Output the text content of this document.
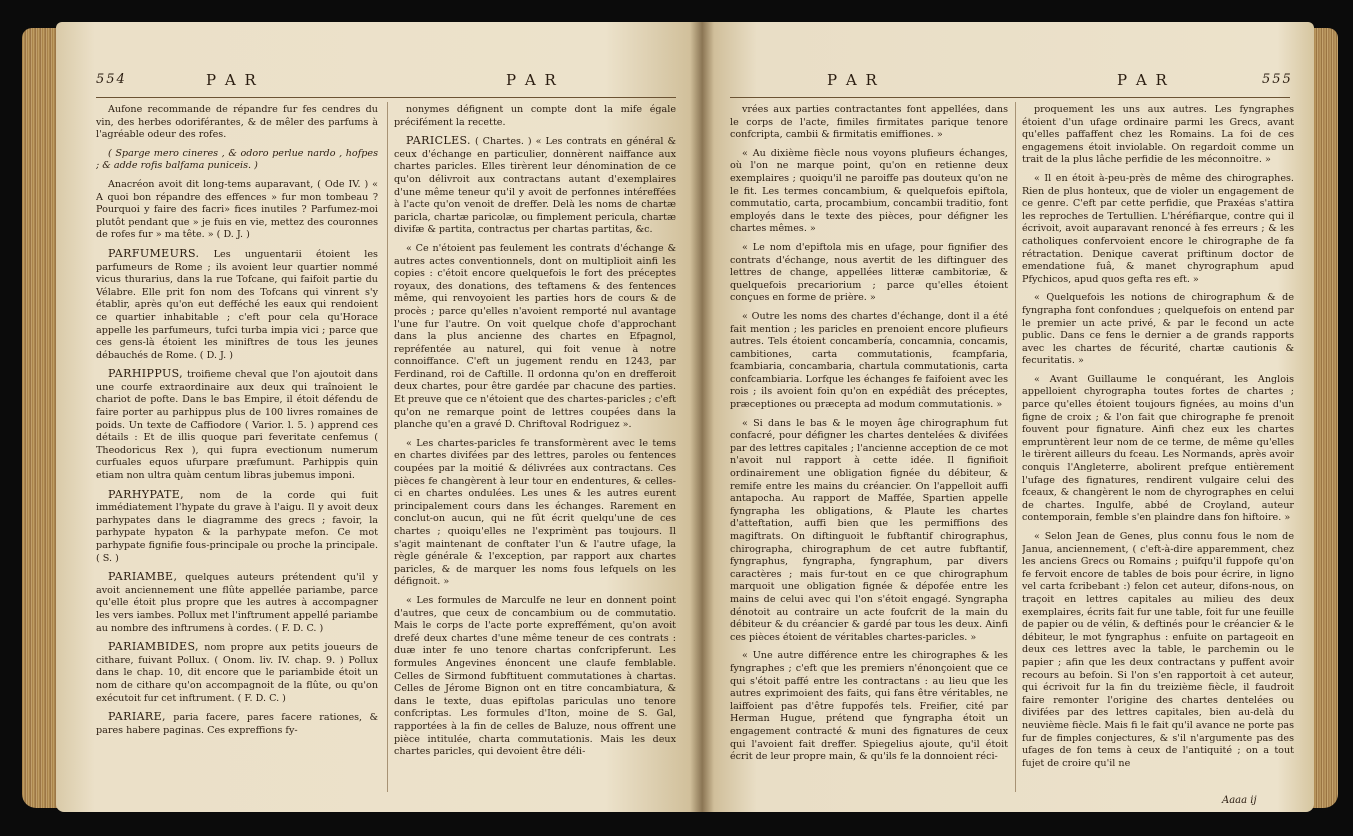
554	P A R	P A R

Aufone recommande de répandre fur fes cendres du vin, des herbes odoriférantes, & de mêler des parfums à l'agréable odeur des rofes.

( Sparge mero cineres , & odoro perlue nardo , hofpes ; & adde rofis balfama puniceis. )

Anacréon avoit dit long-tems auparavant, ( Ode IV. ) « A quoi bon répandre des effences » fur mon tombeau ? Pourquoi y faire des facri» fices inutiles ? Parfumez-moi plutôt pendant que » je fuis en vie, mettez des couronnes de rofes fur » ma tête. » ( D. J. )

PARFUMEURS. Les unguentarii étoient les parfumeurs de Rome ; ils avoient leur quartier nommé vicus thurarius, dans la rue Tofcane, qui faifoit partie du Vélabre. Elle prit fon nom des Tofcans qui vinrent s'y établir, après qu'on eut defféché les eaux qui rendoient ce quartier inhabitable ; c'eft pour cela qu'Horace appelle les parfumeurs, tufci turba impia vici ; parce que ces gens-là étoient les miniftres de tous les jeunes débauchés de Rome. ( D. J. )

PARHIPPUS, troifieme cheval que l'on ajoutoit dans une courfe extraordinaire aux deux qui traînoient le chariot de pofte. Dans le bas Empire, il étoit défendu de faire porter au parhippus plus de 100 livres romaines de poids. Un texte de Caffiodore ( Varior. l. 5. ) apprend ces détails : Et de illis quoque pari feveritate cenfemus ( Theodoricus Rex ), qui fupra evectionum numerum curfuales equos ufurpare præfumunt. Parhippis quin etiam non ultra quàm centum libras jubemus imponi.

PARHYPATE, nom de la corde qui fuit immédiatement l'hypate du grave à l'aigu. Il y avoit deux parhypates dans le diagramme des grecs ; favoir, la parhypate hypaton & la parhypate mefon. Ce mot parhypate fignifie fous-principale ou proche la principale. ( S. )

PARIAMBE, quelques auteurs prétendent qu'il y avoit anciennement une flûte appellée pariambe, parce qu'elle étoit plus propre que les autres à accompagner les vers iambes. Pollux met l'inftrument appellé pariambe au nombre des inftrumens à cordes. ( F. D. C. )

PARIAMBIDES, nom propre aux petits joueurs de cithare, fuivant Pollux. ( Onom. liv. IV. chap. 9. ) Pollux dans le chap. 10, dit encore que le pariambide étoit un nom de cithare qu'on accompagnoit de la flûte, ou qu'on exécutoit fur cet inftrument. ( F. D. C. )

PARIARE, paria facere, pares facere rationes, & pares habere paginas. Ces expreffions fy-

nonymes défignent un compte dont la mife égale précifément la recette.

PARICLES. ( Chartes. ) « Les contrats en général & ceux d'échange en particulier, donnèrent naiffance aux chartes paricles. Elles tirèrent leur dénomination de ce qu'on délivroit aux contractans autant d'exemplaires d'une même teneur qu'il y avoit de perfonnes intéreffées à l'acte qu'on venoit de dreffer. Delà les noms de chartæ paricla, chartæ paricolæ, ou fimplement pericula, chartæ divifæ & partita, contractus per chartas partitas, &c.

« Ce n'étoient pas feulement les contrats d'échange & autres actes conventionnels, dont on multiplioit ainfi les copies : c'étoit encore quelquefois le fort des préceptes royaux, des donations, des teftamens & des fentences même, qui renvoyoient les parties hors de cours & de procès ; parce qu'elles n'avoient remporté nul avantage l'une fur l'autre. On voit quelque chofe d'approchant dans la plus ancienne des chartes en Efpagnol, repréfentée au naturel, qui foit venue à notre connoiffance. C'eft un jugement rendu en 1243, par Ferdinand, roi de Caftille. Il ordonna qu'on en drefferoit deux chartes, pour être gardée par chacune des parties. Et preuve que ce n'étoient que des chartes-paricles ; c'eft qu'on ne remarque point de lettres coupées dans la planche qu'en a gravé D. Chriftoval Rodriguez ».

« Les chartes-paricles fe transformèrent avec le tems en chartes divifées par des lettres, paroles ou fentences coupées par la moitié & délivrées aux contractans. Ces pièces fe changèrent à leur tour en endentures, & celles-ci en chartes ondulées. Les unes & les autres eurent principalement cours dans les échanges. Rarement en conclut-on aucun, qui ne fût écrit quelqu'une de ces chartes ; quoiqu'elles ne l'exprimènt pas toujours. Il s'agit maintenant de conftater l'un & l'autre ufage, la règle générale & l'exception, par rapport aux chartes paricles, & de marquer les noms fous lefquels on les défignoit. »

« Les formules de Marculfe ne leur en donnent point d'autres, que ceux de concambium ou de commutatio. Mais le corps de l'acte porte expreffément, qu'on avoit drefé deux chartes d'une même teneur de ces contrats : duæ inter fe uno tenore chartas confcripferunt. Les formules Angevines énoncent une claufe femblable. Celles de Sirmond fubftituent commutationes à chartas. Celles de Jérome Bignon ont en titre concambiatura, & dans le texte, duas epiftolas pariculas uno tenore confcriptas. Les formules d'Iton, moine de S. Gal, rapportées à la fin de celles de Baluze, nous offrent une pièce intitulée, charta commutationis. Mais les deux chartes paricles, qui devoient être déli-

P A R	P A R	555

vrées aux parties contractantes font appellées, dans le corps de l'acte, fimiles firmitates parique tenore confcripta, cambii & firmitatis emiffiones. »

« Au dixième fiècle nous voyons plufieurs échanges, où l'on ne marque point, qu'on en retienne deux exemplaires ; quoiqu'il ne paroiffe pas douteux qu'on ne le fit. Les termes concambium, & quelquefois epiftola, commutatio, carta, procambium, concambii traditio, font employés dans le texte des pièces, pour défigner les chartes mêmes. »

« Le nom d'epiftola mis en ufage, pour fignifier des contrats d'échange, nous avertit de les diftinguer des lettres de change, appellées litteræ cambitoriæ, & quelquefois precariorium ; parce qu'elles étoient conçues en forme de prière. »

« Outre les noms des chartes d'échange, dont il a été fait mention ; les paricles en prenoient encore plufieurs autres. Tels étoient concambería, concamnia, concamis, cambitiones, carta commutationis, fcampfaria, fcambiaria, concambaria, chartula commutationis, carta confcambiaria. Lorfque les échanges fe faifoient avec les rois ; ils avoient foin qu'on en expédiât des préceptes, præceptiones ou præcepta ad modum commutationis. »

« Si dans le bas & le moyen âge chirographum fut confacré, pour défigner les chartes dentelées & divifées par des lettres capitales ; l'ancienne acception de ce mot n'avoit nul rapport à cette idée. Il fignifioit ordinairement une obligation fignée du débiteur, & remife entre les mains du créancier. On l'appelloit auffi antapocha. Au rapport de Maffée, Spartien appelle fyngrapha les obligations, & Plaute les chartes d'atteftation, auffi bien que les permiffions des magiftrats. On diftinguoit le fubftantif chirographus, chirographa, chirographum de cet autre fubftantif, fyngraphus, fyngrapha, fyngraphum, par divers caractères ; mais fur-tout en ce que chirographum marquoit une obligation fignée & dépofée entre les mains de celui avec qui l'on s'étoit engagé. Syngrapha dénotoit au contraire un acte foufcrit de la main du débiteur & du créancier & gardé par tous les deux. Ainfi ces pièces étoient de véritables chartes-paricles. »

« Une autre différence entre les chirographes & les fyngraphes ; c'eft que les premiers n'énonçoient que ce qui s'étoit paffé entre les contractans : au lieu que les autres exprimoient des faits, qui fans être véritables, ne laiffoient pas d'être fuppofés tels. Freifier, cité par Herman Hugue, prétend que fyngrapha étoit un engagement contracté & muni des fignatures de ceux qui l'avoient fait dreffer. Spiegelius ajoute, qu'il étoit écrit de leur propre main, & qu'ils fe la donnoient réci-

proquement les uns aux autres. Les fyngraphes étoient d'un ufage ordinaire parmi les Grecs, avant qu'elles paffaffent chez les Romains. La foi de ces engagemens étoit inviolable. On regardoit comme un trait de la plus lâche perfidie de les méconnoitre. »

« Il en étoit à-peu-près de même des chirographes. Rien de plus honteux, que de violer un engagement de ce genre. C'eft par cette perfidie, que Praxéas s'attira les reproches de Tertullien. L'héréfiarque, contre qui il écrivoit, avoit auparavant renoncé à fes erreurs ; & les catholiques confervoient encore le chirographe de fa rétractation. Denique caverat priftinum doctor de emendatione fuâ, & manet chyrographum apud Pfychicos, apud quos gefta res eft. »

« Quelquefois les notions de chirographum & de fyngrapha font confondues ; quelquefois on entend par le premier un acte privé, & par le fecond un acte public. Dans ce fens le dernier a de grands rapports avec les chartes de fécurité, chartæ cautionis & fecuritatis. »

« Avant Guillaume le conquérant, les Anglois appelloient chyrographa toutes fortes de chartes ; parce qu'elles étoient toujours fignées, au moins d'un figne de croix ; & l'on fait que chirographe fe prenoit fouvent pour fignature. Ainfi chez eux les chartes empruntèrent leur nom de ce terme, de même qu'elles le tirèrent ailleurs du fceau. Les Normands, après avoir conquis l'Angleterre, abolirent prefque entièrement l'ufage des fignatures, rendirent vulgaire celui des fceaux, & changèrent le nom de chyrographes en celui de chartes. Ingulfe, abbé de Croyland, auteur contemporain, femble s'en plaindre dans fon hiftoire. »

« Selon Jean de Genes, plus connu fous le nom de Janua, anciennement, ( c'eft-à-dire apparemment, chez les anciens Grecs ou Romains ; puifqu'il fuppofe qu'on fe fervoit encore de tables de bois pour écrire, in ligno vel carta fcribebant :) felon cet auteur, difons-nous, on traçoit en lettres capitales au milieu des deux exemplaires, écrits fait fur une table, foit fur une feuille de papier ou de vélin, & deftinés pour le créancier & le débiteur, le mot fyngraphus : enfuite on partageoit en deux ces lettres avec la table, le parchemin ou le papier ; afin que les deux contractans y puffent avoir recours au befoin. Si l'on s'en rapportoit à cet auteur, qui écrivoit fur la fin du treizième fiècle, il faudroit faire remonter l'origine des chartes dentelées ou divifées par des lettres capitales, bien au-delà du neuvième fiècle. Mais fi le fait qu'il avance ne porte pas fur de fimples conjectures, & s'il n'argumente pas des ufages de fon tems à ceux de l'antiquité ; on a tout fujet de croire qu'il ne

Aaaa ij
